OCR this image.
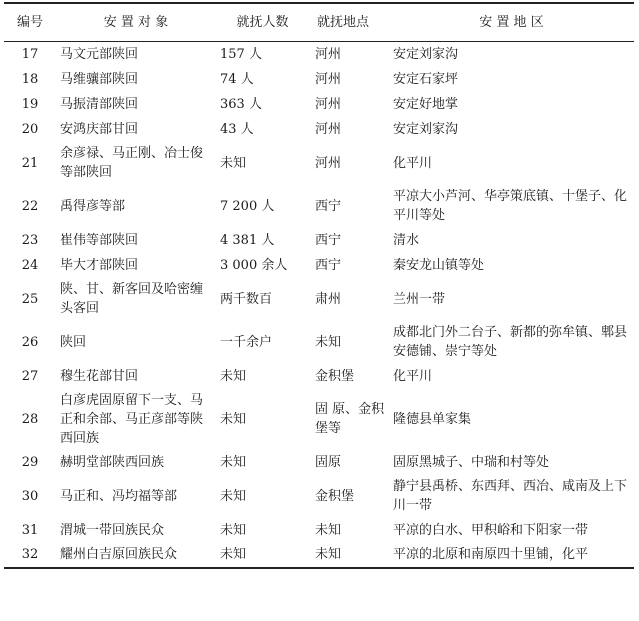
编号	安 置 对 象	就抚人数	就抚地点	安 置 地 区
17	马文元部陕回	157 人	河州	安定刘家沟
18	马维骧部陕回	74 人	河州	安定石家坪
19	马振清部陕回	363 人	河州	安定好地掌
20	安鸿庆部甘回	43 人	河州	安定刘家沟
21	余彦禄、马正刚、冶士俊等部陕回	未知	河州	化平川
22	禹得彦等部	7 200 人	西宁	平凉大小芦河、华亭策底镇、十堡子、化平川等处
23	崔伟等部陕回	4 381 人	西宁	清水
24	毕大才部陕回	3 000 余人	西宁	秦安龙山镇等处
25	陕、甘、新客回及哈密缠头客回	两千数百	肃州	兰州一带
26	陕回	一千余户	未知	成都北门外二台子、新都的弥牟镇、郫县安德铺、崇宁等处
27	穆生花部甘回	未知	金积堡	化平川
28	白彦虎固原留下一支、马正和余部、马正彦部等陕西回族	未知	固 原、金积堡等	隆德县单家集
29	赫明堂部陕西回族	未知	固原	固原黑城子、中瑞和村等处
30	马正和、冯均福等部	未知	金积堡	静宁县禹桥、东西拜、西冶、咸南及上下川一带
31	渭城一带回族民众	未知	未知	平凉的白水、甲积峪和下阳家一带
32	耀州白吉原回族民众	未知	未知	平凉的北原和南原四十里铺，化平
